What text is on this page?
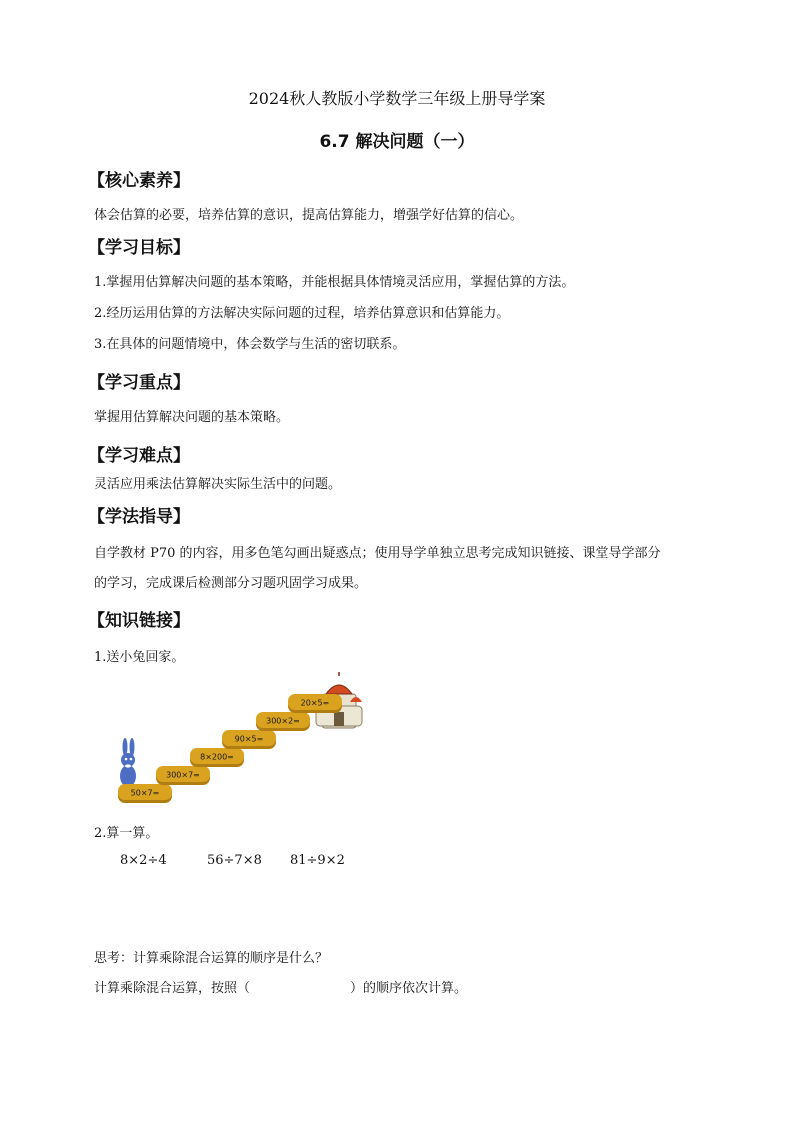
2024秋人教版小学数学三年级上册导学案
6.7 解决问题（一）
【核心素养】
体会估算的必要，培养估算的意识，提高估算能力，增强学好估算的信心。
【学习目标】
1.掌握用估算解决问题的基本策略，并能根据具体情境灵活应用，掌握估算的方法。
2.经历运用估算的方法解决实际问题的过程，培养估算意识和估算能力。
3.在具体的问题情境中，体会数学与生活的密切联系。
【学习重点】
掌握用估算解决问题的基本策略。
【学习难点】
灵活应用乘法估算解决实际生活中的问题。
【学法指导】
自学教材 P70 的内容，用多色笔勾画出疑惑点；使用导学单独立思考完成知识链接、课堂导学部分
的学习，完成课后检测部分习题巩固学习成果。
【知识链接】
1.送小兔回家。
50×7=
300×7=
8×200=
90×5=
300×2=
20×5=
2.算一算。
8×2÷4	56÷7×8 81÷9×2
思考：计算乘除混合运算的顺序是什么？
计算乘除混合运算，按照（	）的顺序依次计算。
